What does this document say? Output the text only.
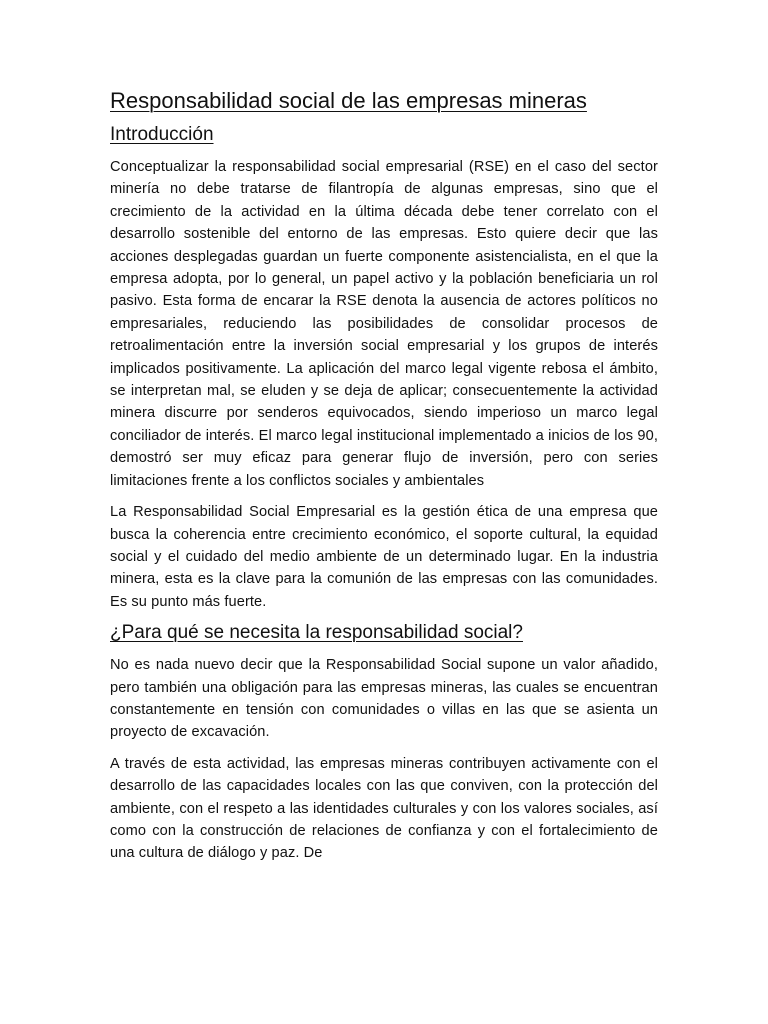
Responsabilidad social de las empresas mineras
Introducción

Conceptualizar la responsabilidad social empresarial (RSE) en el caso del sector minería no debe tratarse de filantropía de algunas empresas, sino que el crecimiento de la actividad en la última década debe tener correlato con el desarrollo sostenible del entorno de las empresas. Esto quiere decir que las acciones desplegadas guardan un fuerte componente asistencialista, en el que la empresa adopta, por lo general, un papel activo y la población beneficiaria un rol pasivo. Esta forma de encarar la RSE denota la ausencia de actores políticos no empresariales, reduciendo las posibilidades de consolidar procesos de retroalimentación entre la inversión social empresarial y los grupos de interés implicados positivamente. La aplicación del marco legal vigente rebosa el ámbito, se interpretan mal, se eluden y se deja de aplicar; consecuentemente la actividad minera discurre por senderos equivocados, siendo imperioso un marco legal conciliador de interés. El marco legal institucional implementado a inicios de los 90, demostró ser muy eficaz para generar flujo de inversión, pero con series limitaciones frente a los conflictos sociales y ambientales

La Responsabilidad Social Empresarial es la gestión ética de una empresa que busca la coherencia entre crecimiento económico, el soporte cultural, la equidad social y el cuidado del medio ambiente de un determinado lugar. En la industria minera, esta es la clave para la comunión de las empresas con las comunidades. Es su punto más fuerte.

¿Para qué se necesita la responsabilidad social?

No es nada nuevo decir que la Responsabilidad Social supone un valor añadido, pero también una obligación para las empresas mineras, las cuales se encuentran constantemente en tensión con comunidades o villas en las que se asienta un proyecto de excavación.

A través de esta actividad, las empresas mineras contribuyen activamente con el desarrollo de las capacidades locales con las que conviven, con la protección del ambiente, con el respeto a las identidades culturales y con los valores sociales, así como con la construcción de relaciones de confianza y con el fortalecimiento de una cultura de diálogo y paz. De
